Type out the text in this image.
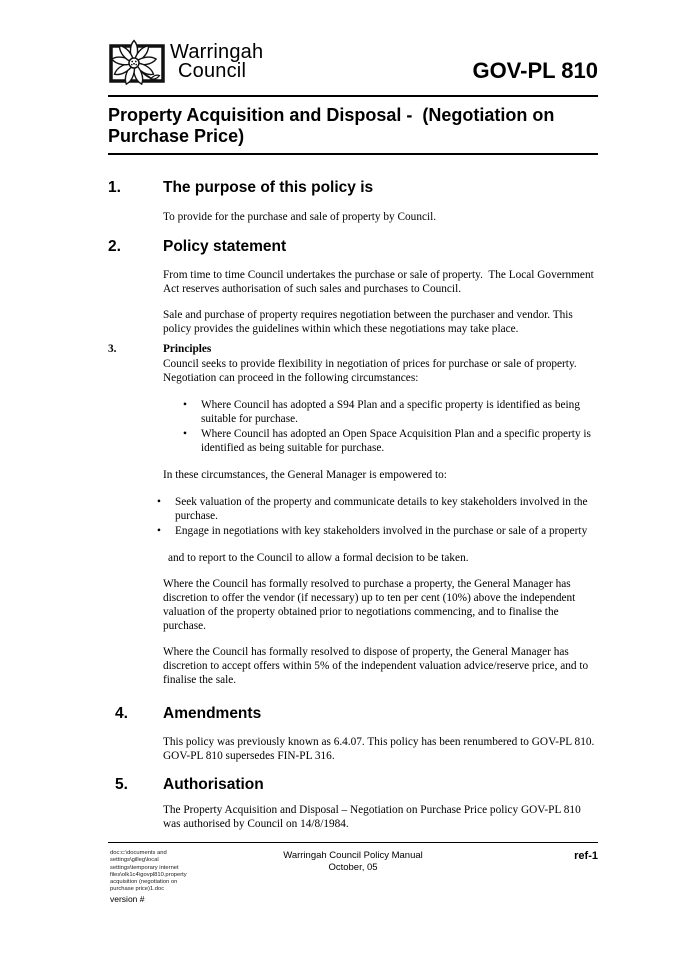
Warringah
Council	GOV-PL 810
Property Acquisition and Disposal -  (Negotiation on Purchase Price)
1.	The purpose of this policy is

To provide for the purchase and sale of property by Council.

2.	Policy statement

From time to time Council undertakes the purchase or sale of property.  The Local Government Act reserves authorisation of such sales and purchases to Council.

Sale and purchase of property requires negotiation between the purchaser and vendor. This policy provides the guidelines within which these negotiations may take place.

3.	Principles

Council seeks to provide flexibility in negotiation of prices for purchase or sale of property. Negotiation can proceed in the following circumstances:

• Where Council has adopted a S94 Plan and a specific property is identified as being suitable for purchase.
• Where Council has adopted an Open Space Acquisition Plan and a specific property is identified as being suitable for purchase.

In these circumstances, the General Manager is empowered to:

• Seek valuation of the property and communicate details to key stakeholders involved in the purchase.
• Engage in negotiations with key stakeholders involved in the purchase or sale of a property

and to report to the Council to allow a formal decision to be taken.

Where the Council has formally resolved to purchase a property, the General Manager has discretion to offer the vendor (if necessary) up to ten per cent (10%) above the independent valuation of the property obtained prior to negotiations commencing, and to finalise the purchase.

Where the Council has formally resolved to dispose of property, the General Manager has discretion to accept offers within 5% of the independent valuation advice/reserve price, and to finalise the sale.

4.	Amendments

This policy was previously known as 6.4.07. This policy has been renumbered to GOV-PL 810. GOV-PL 810 supersedes FIN-PL 316.

5.	Authorisation

The Property Acquisition and Disposal – Negotiation on Purchase Price policy GOV-PL 810 was authorised by Council on 14/8/1984.

doc:c:\documents and
settings\gilleg\local
settings\temporary internet
files\olk1c4\govpl810.property
acquisition (negotiation on
purchase price)1.doc
version #
Warringah Council Policy Manual
October, 05
ref-1
